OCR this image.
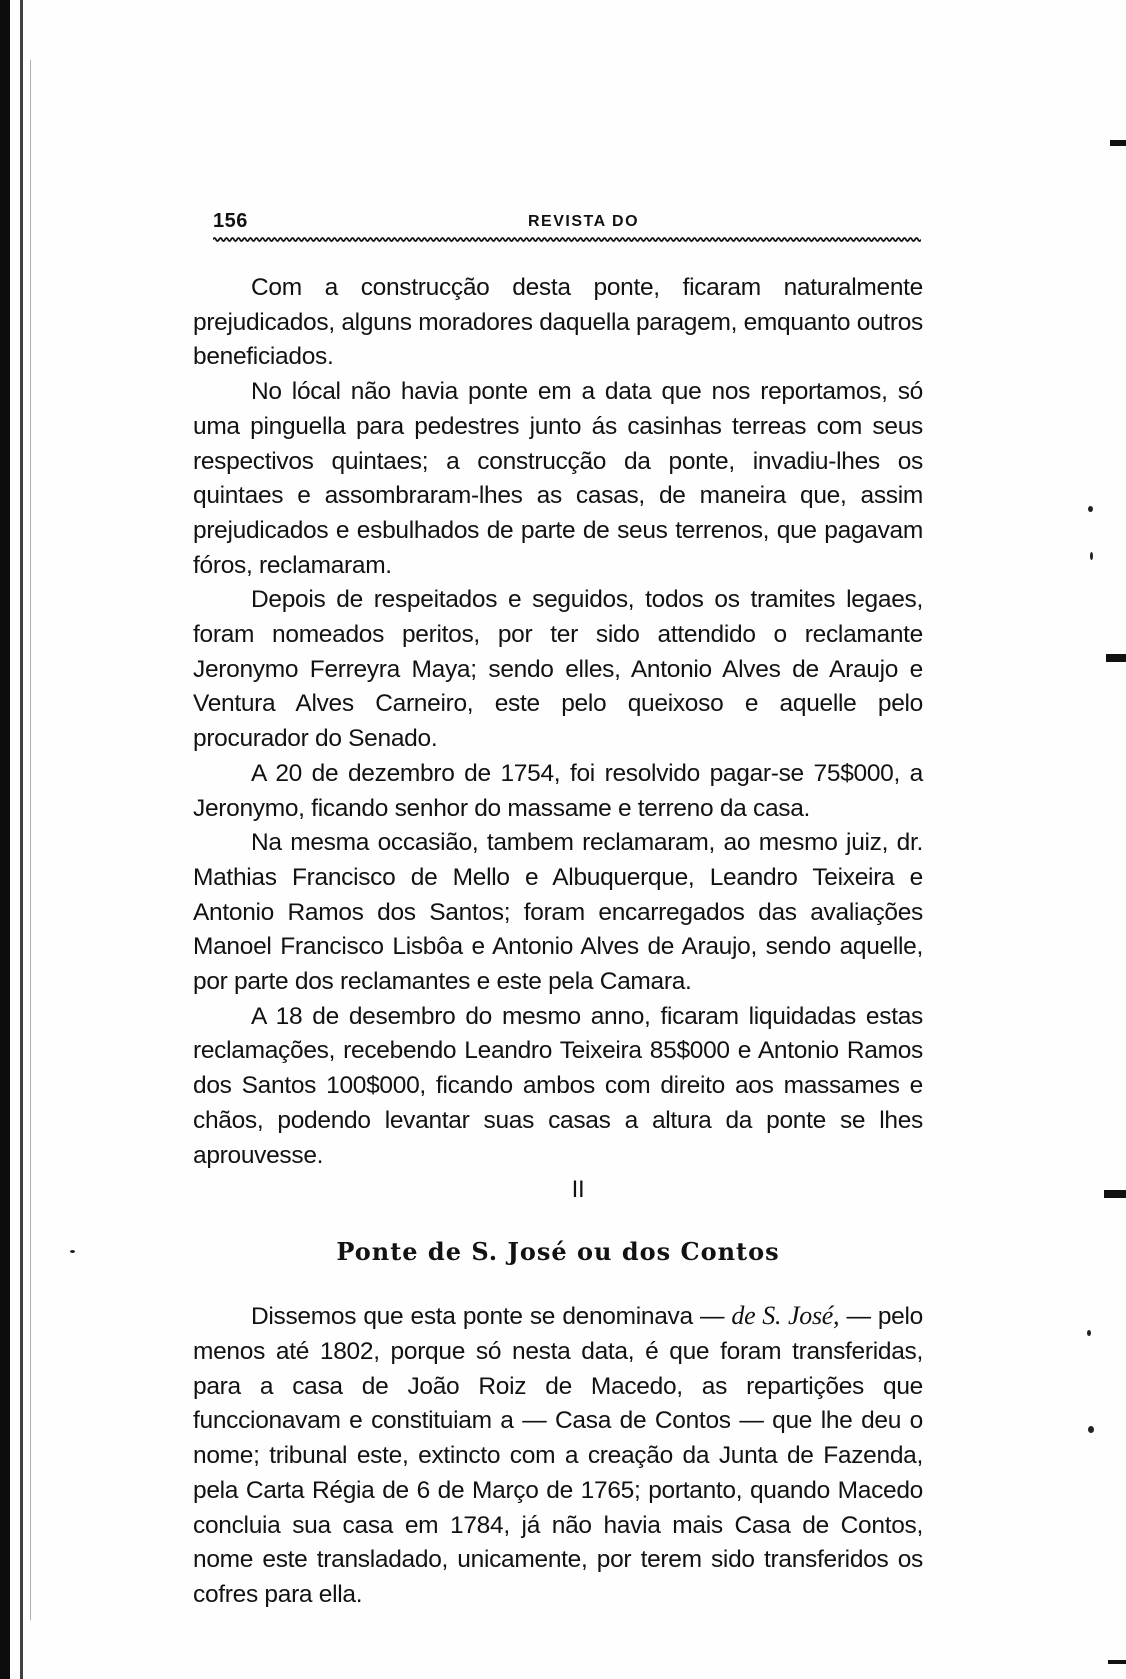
156	REVISTA DO

Com a construcção desta ponte, ficaram naturalmente prejudicados, alguns moradores daquella paragem, emquanto outros beneficiados.

No lócal não havia ponte em a data que nos reportamos, só uma pinguella para pedestres junto ás casinhas terreas com seus respectivos quintaes; a construcção da ponte, invadiu-lhes os quintaes e assombraram-lhes as casas, de maneira que, assim prejudicados e esbulhados de parte de seus terrenos, que pagavam fóros, reclamaram.

Depois de respeitados e seguidos, todos os tramites legaes, foram nomeados peritos, por ter sido attendido o reclamante Jeronymo Ferreyra Maya; sendo elles, Antonio Alves de Araujo e Ventura Alves Carneiro, este pelo queixoso e aquelle pelo procurador do Senado.

A 20 de dezembro de 1754, foi resolvido pagar-se 75$000, a Jeronymo, ficando senhor do massame e terreno da casa.

Na mesma occasião, tambem reclamaram, ao mesmo juiz, dr. Mathias Francisco de Mello e Albuquerque, Leandro Teixeira e Antonio Ramos dos Santos; foram encarregados das avaliações Manoel Francisco Lisbôa e Antonio Alves de Araujo, sendo aquelle, por parte dos reclamantes e este pela Camara.

A 18 de desembro do mesmo anno, ficaram liquidadas estas reclamações, recebendo Leandro Teixeira 85$000 e Antonio Ramos dos Santos 100$000, ficando ambos com direito aos massames e chãos, podendo levantar suas casas a altura da ponte se lhes aprouvesse.

II

Ponte de S. José ou dos Contos

Dissemos que esta ponte se denominava — de S. José, — pelo menos até 1802, porque só nesta data, é que foram transferidas, para a casa de João Roiz de Macedo, as repartições que funccionavam e constituiam a — Casa de Contos — que lhe deu o nome; tribunal este, extincto com a creação da Junta de Fazenda, pela Carta Régia de 6 de Março de 1765; portanto, quando Macedo concluia sua casa em 1784, já não havia mais Casa de Contos, nome este transladado, unicamente, por terem sido transferidos os cofres para ella.
